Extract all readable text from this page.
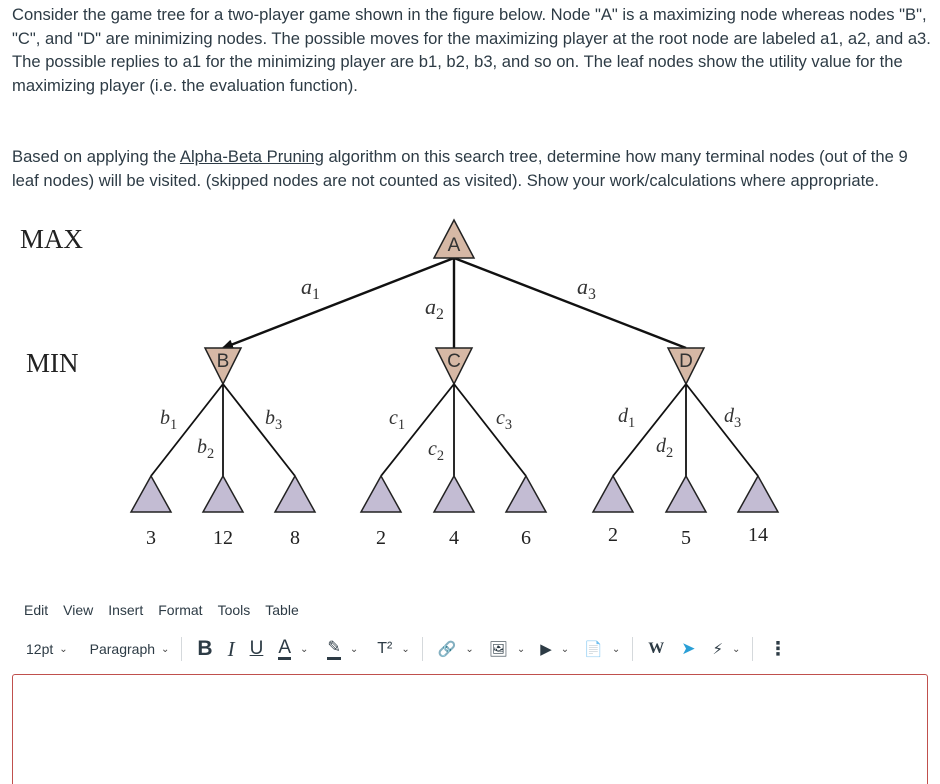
Consider the game tree for a two-player game shown in the figure below. Node "A" is a maximizing node whereas nodes "B", "C", and "D" are minimizing nodes. The possible moves for the maximizing player at the root node are labeled a1, a2, and a3. The possible replies to a1 for the minimizing player are b1, b2, b3, and so on. The leaf nodes show the utility value for the maximizing player (i.e. the evaluation function).
Based on applying the Alpha-Beta Pruning algorithm on this search tree, determine how many terminal nodes (out of the 9 leaf nodes) will be visited. (skipped nodes are not counted as visited). Show your work/calculations where appropriate.
MAX
MIN
A
B	C	D
$a_1$	$a_2$
$a_3$
$b_1$
$b_2$
$b_3$	$c_1$
$c_2$
$c_3$	$d_1$
$d_2$
$d_3$
3	12	8	2	4	6	2	5	14
Edit View Insert Format Tools Table
12pt ⌄ Paragraph ⌄ B I U A ⌄ ✎ ⌄ T² ⌄ 🔗 ⌄ 🖼 ⌄ ▶ ⌄ 📄 ⌄ W ➤ ⚡ ⌄ ⋮
